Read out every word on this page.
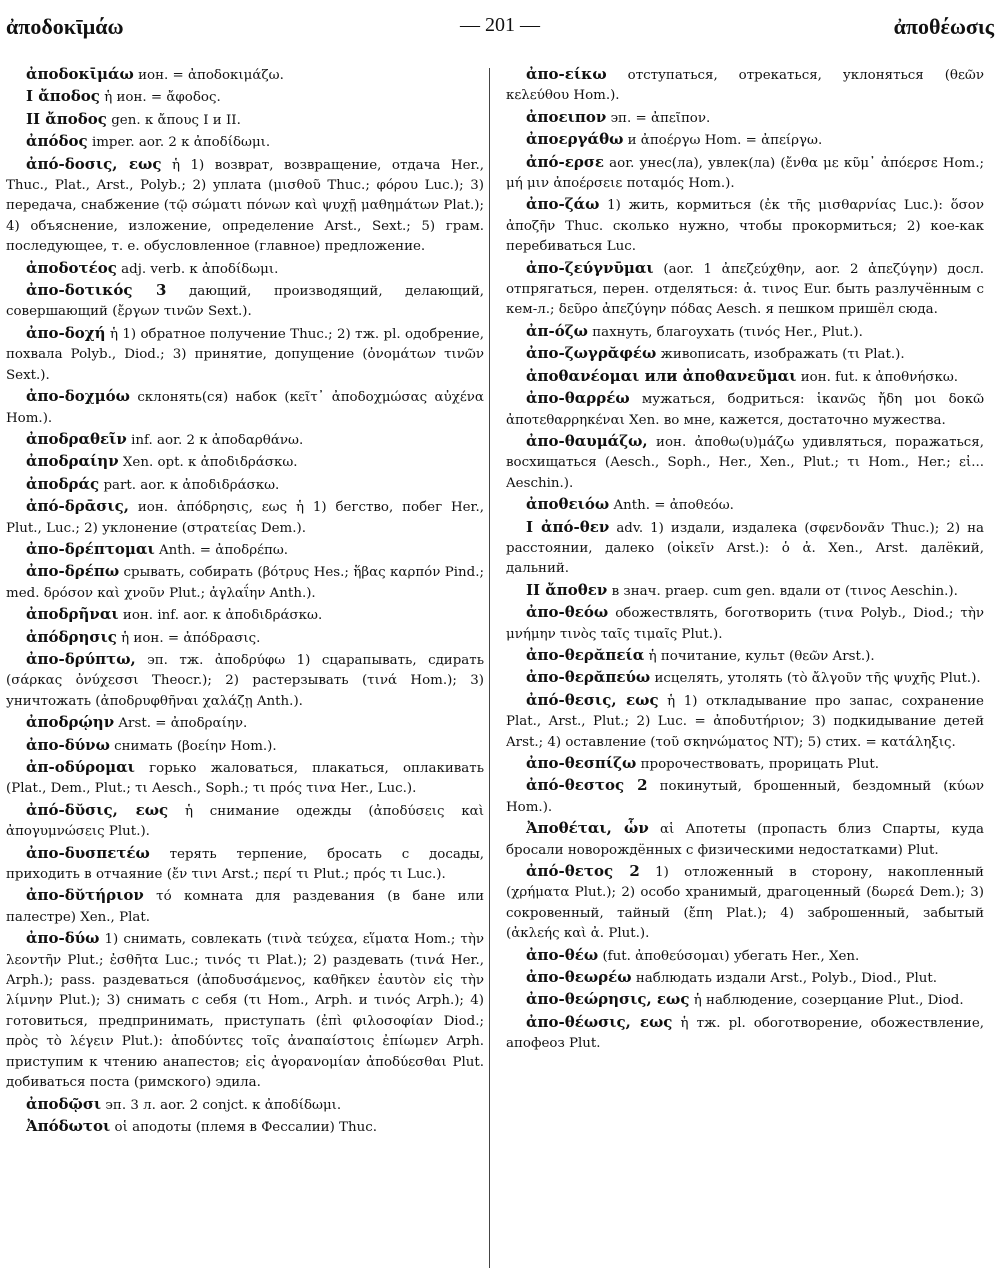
ἀποδοκῑμάω	— 201 —	ἀποθέωσις

ἀποδοκῑμάω ион. = ἀποδοκιμάζω.

I ἄποδος ἡ ион. = ἄφοδος.

II ἄποδος gen. к ἄπους I и II.

ἀπόδος imper. aor. 2 к ἀποδίδωμι.

ἀπό-δοσις, εως ἡ 1) возврат, возвращение, отдача Her., Thuc., Plat., Arst., Polyb.; 2) уплата (μισθοῦ Thuc.; φόρου Luc.); 3) передача, снабжение (τῷ σώματι πόνων καὶ ψυχῇ μαθημάτων Plat.); 4) объяснение, изложение, определение Arst., Sext.; 5) грам. последующее, т. е. обусловленное (главное) предложение.

ἀποδοτέος adj. verb. к ἀποδίδωμι.

ἀπο-δοτικός 3 дающий, производящий, делающий, совершающий (ἔργων τινῶν Sext.).

ἀπο-δοχή ἡ 1) обратное получение Thuc.; 2) тж. pl. одобрение, похвала Polyb., Diod.; 3) принятие, допущение (ὀνομάτων τινῶν Sext.).

ἀπο-δοχμόω склонять(ся) набок (κεῖτ᾽ ἀποδοχμώσας αὐχένα Hom.).

ἀποδραθεῖν inf. aor. 2 к ἀποδαρθάνω.

ἀποδραίην Xen. opt. к ἀποδιδράσκω.

ἀποδράς part. aor. к ἀποδιδράσκω.

ἀπό-δρᾱσις, ион. ἀπόδρησις, εως ἡ 1) бегство, побег Her., Plut., Luc.; 2) уклонение (στρατείας Dem.).

ἀπο-δρέπτομαι Anth. = ἀποδρέπω.

ἀπο-δρέπω срывать, собирать (βότρυς Hes.; ἥβας καρπόν Pind.; med. δρόσον καὶ χνοῦν Plut.; ἀγλαΐην Anth.).

ἀποδρῆναι ион. inf. aor. к ἀποδιδράσκω.

ἀπόδρησις ἡ ион. = ἀπόδρασις.

ἀπο-δρύπτω, эп. тж. ἀποδρύφω 1) сцарапывать, сдирать (σάρκας ὀνύχεσσι Theocr.); 2) растерзывать (τινά Hom.); 3) уничтожать (ἀποδρυφθῆναι χαλάζῃ Anth.).

ἀποδρῴην Arst. = ἀποδραίην.

ἀπο-δύνω снимать (βοείην Hom.).

ἀπ-οδύρομαι горько жаловаться, плакаться, оплакивать (Plat., Dem., Plut.; τι Aesch., Soph.; τι πρός τινα Her., Luc.).

ἀπό-δῠσις, εως ἡ снимание одежды (ἀποδύσεις καὶ ἀπογυμνώσεις Plut.).

ἀπο-δυσπετέω терять терпение, бросать с досады, приходить в отчаяние (ἔν τινι Arst.; περί τι Plut.; πρός τι Luc.).

ἀπο-δῠτήριον τό комната для раздевания (в бане или палестре) Xen., Plat.

ἀπο-δύω 1) снимать, совлекать (τινὰ τεύχεα, εἵματα Hom.; τὴν λεοντῆν Plut.; ἐσθῆτα Luc.; τινός τι Plat.); 2) раздевать (τινά Her., Arph.); pass. раздеваться (ἀποδυσάμενος, καθῆκεν ἑαυτὸν εἰς τὴν λίμνην Plut.); 3) снимать с себя (τι Hom., Arph. и τινός Arph.); 4) готовиться, предпринимать, приступать (ἐπὶ φιλοσοφίαν Diod.; πρὸς τὸ λέγειν Plut.): ἀποδύντες τοῖς ἀναπαίστοις ἐπίωμεν Arph. приступим к чтению анапестов; εἰς ἀγορανομίαν ἀποδύεσθαι Plut. добиваться поста (римского) эдила.

ἀποδῷσι эп. 3 л. aor. 2 conjct. к ἀποδίδωμι.

Ἀπόδωτοι οἱ аподоты (племя в Фессалии) Thuc.

ἀπο-είκω отступаться, отрекаться, уклоняться (θεῶν κελεύθου Hom.).

ἀποειπον эп. = ἀπεῖπον.

ἀποεργάθω и ἀποέργω Hom. = ἀπείργω.

ἀπό-ερσε aor. унес(ла), увлек(ла) (ἔνθα με κῦμ᾽ ἀπόερσε Hom.; μή μιν ἀποέρσειε ποταμός Hom.).

ἀπο-ζάω 1) жить, кормиться (ἐκ τῆς μισθαρνίας Luc.): ὅσον ἀποζῆν Thuc. сколько нужно, чтобы прокормиться; 2) кое-как перебиваться Luc.

ἀπο-ζεύγνῡμαι (aor. 1 ἀπεζεύχθην, aor. 2 ἀπεζύγην) досл. отпрягаться, перен. отделяться: ἀ. τινος Eur. быть разлучённым с кем-л.; δεῦρο ἀπεζύγην πόδας Aesch. я пешком пришёл сюда.

ἀπ-όζω пахнуть, благоухать (τινός Her., Plut.).

ἀπο-ζωγρᾰφέω живописать, изображать (τι Plat.).

ἀποθανέομαι или ἀποθανεῦμαι ион. fut. к ἀποθνήσκω.

ἀπο-θαρρέω мужаться, бодриться: ἱκανῶς ἤδη μοι δοκῶ ἀποτεθαρρηκέναι Xen. во мне, кажется, достаточно мужества.

ἀπο-θαυμάζω, ион. ἀποθω(υ)μάζω удивляться, поражаться, восхищаться (Aesch., Soph., Her., Xen., Plut.; τι Hom., Her.; εἰ... Aeschin.).

ἀποθειόω Anth. = ἀποθεόω.

I ἀπό-θεν adv. 1) издали, издалека (σφενδονᾶν Thuc.); 2) на расстоянии, далеко (οἰκεῖν Arst.): ὁ ἀ. Xen., Arst. далёкий, дальний.

II ἄποθεν в знач. praep. cum gen. вдали от (τινος Aeschin.).

ἀπο-θεόω обожествлять, боготворить (τινα Polyb., Diod.; τὴν μνήμην τινὸς ταῖς τιμαῖς Plut.).

ἀπο-θερᾰπεία ἡ почитание, культ (θεῶν Arst.).

ἀπο-θερᾰπεύω исцелять, утолять (τὸ ἄλγοῦν τῆς ψυχῆς Plut.).

ἀπό-θεσις, εως ἡ 1) откладывание про запас, сохранение Plat., Arst., Plut.; 2) Luc. = ἀποδυτήριον; 3) подкидывание детей Arst.; 4) оставление (τοῦ σκηνώματος NT); 5) стих. = κατάληξις.

ἀπο-θεσπίζω пророчествовать, прорицать Plut.

ἀπό-θεστος 2 покинутый, брошенный, бездомный (κύων Hom.).

Ἀποθέται, ὧν αἱ Апотеты (пропасть близ Спарты, куда бросали новорождённых с физическими недостатками) Plut.

ἀπό-θετος 2 1) отложенный в сторону, накопленный (χρήματα Plut.); 2) особо хранимый, драгоценный (δωρεά Dem.); 3) сокровенный, тайный (ἔπη Plat.); 4) заброшенный, забытый (ἀκλεής καὶ ἀ. Plut.).

ἀπο-θέω (fut. ἀποθεύσομαι) убегать Her., Xen.

ἀπο-θεωρέω наблюдать издали Arst., Polyb., Diod., Plut.

ἀπο-θεώρησις, εως ἡ наблюдение, созерцание Plut., Diod.

ἀπο-θέωσις, εως ἡ тж. pl. обоготворение, обожествление, апофеоз Plut.
